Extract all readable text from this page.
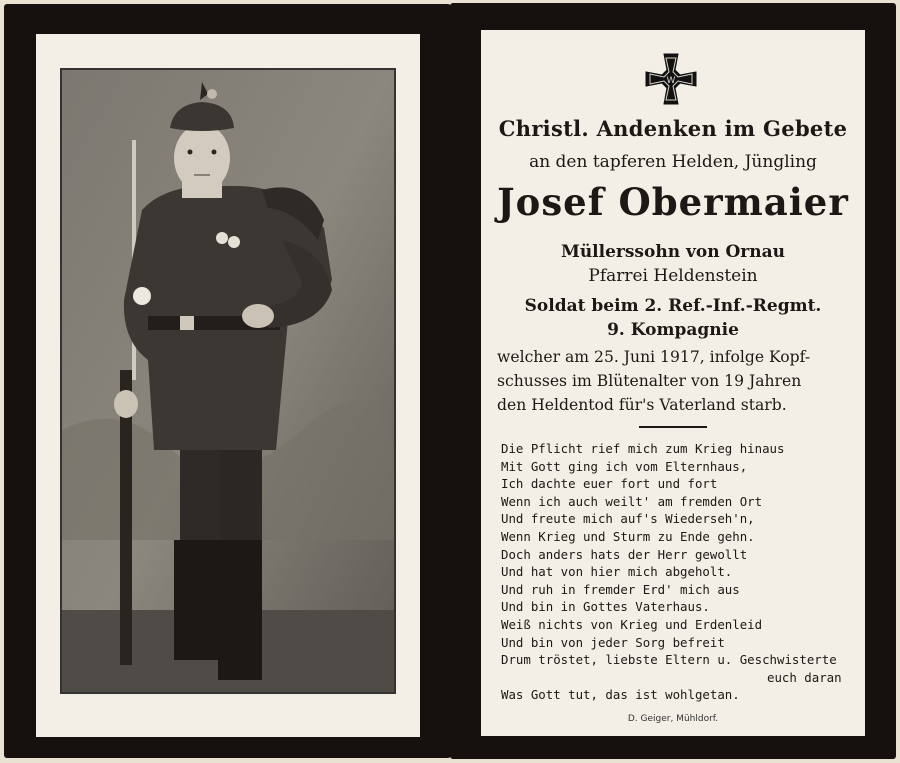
W
Christl. Andenken im Gebete
an den tapferen Helden, Jüngling
Josef Obermaier
Müllerssohn von Ornau
Pfarrei Heldenstein
Soldat beim 2. Ref.-Inf.-Regmt.
9. Kompagnie
welcher am 25. Juni 1917, infolge Kopf-
schusses im Blütenalter von 19 Jahren
den Heldentod für's Vaterland starb.
Die Pflicht rief mich zum Krieg hinaus
Mit Gott ging ich vom Elternhaus,
Ich dachte euer fort und fort
Wenn ich auch weilt' am fremden Ort
Und freute mich auf's Wiederseh'n,
Wenn Krieg und Sturm zu Ende gehn.
Doch anders hats der Herr gewollt
Und hat von hier mich abgeholt.
Und ruh in fremder Erd' mich aus
Und bin in Gottes Vaterhaus.
Weiß nichts von Krieg und Erdenleid
Und bin von jeder Sorg befreit
Drum tröstet, liebste Eltern u. Geschwisterte
euch daran
Was Gott tut, das ist wohlgetan.
D. Geiger, Mühldorf.
